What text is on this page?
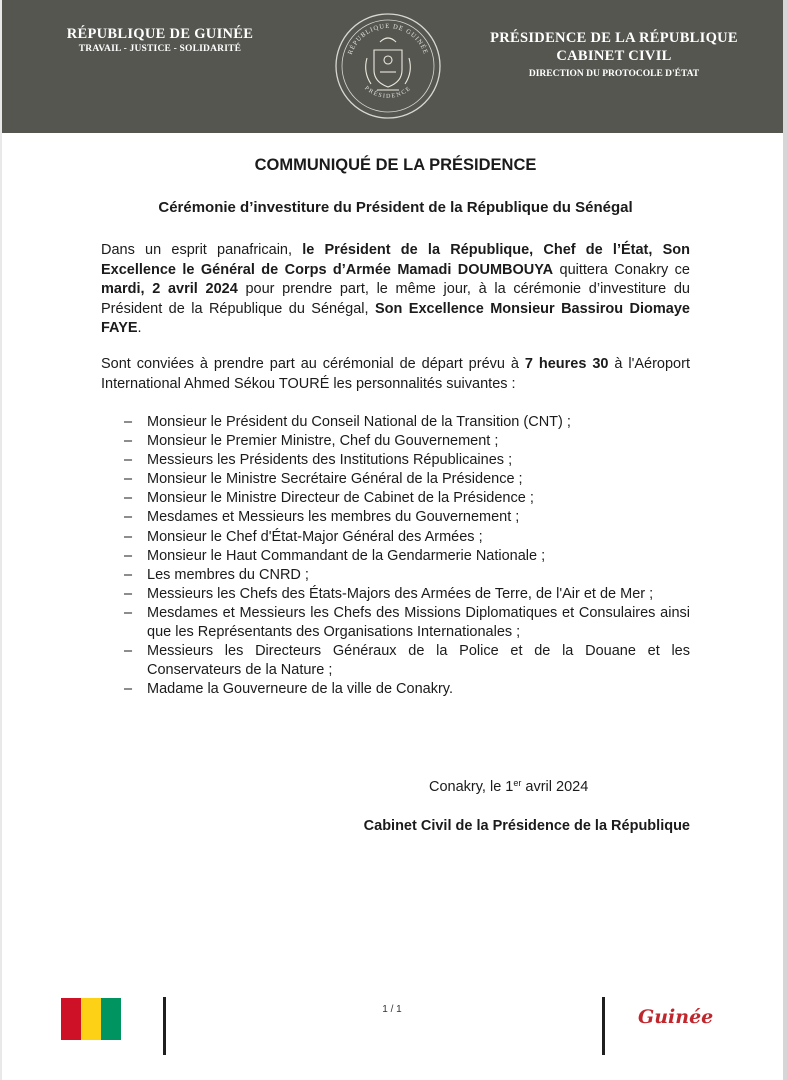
RÉPUBLIQUE DE GUINÉE
TRAVAIL - JUSTICE - SOLIDARITÉ	RÉPUBLIQUE DE GUINÉE
PRÉSIDENCE
PRÉSIDENCE DE LA RÉPUBLIQUE
CABINET CIVIL
DIRECTION DU PROTOCOLE D'ÉTAT
COMMUNIQUÉ DE LA PRÉSIDENCE
Cérémonie d’investiture du Président de la République du Sénégal
Dans un esprit panafricain, le Président de la République, Chef de l’État, Son Excellence le Général de Corps d’Armée Mamadi DOUMBOUYA quittera Conakry ce mardi, 2 avril 2024 pour prendre part, le même jour, à la cérémonie d’investiture du Président de la République du Sénégal, Son Excellence Monsieur Bassirou Diomaye FAYE.
Sont conviées à prendre part au cérémonial de départ prévu à 7 heures 30 à l'Aéroport International Ahmed Sékou TOURÉ les personnalités suivantes :
– Monsieur le Président du Conseil National de la Transition (CNT) ;
– Monsieur le Premier Ministre, Chef du Gouvernement ;
– Messieurs les Présidents des Institutions Républicaines ;
– Monsieur le Ministre Secrétaire Général de la Présidence ;
– Monsieur le Ministre Directeur de Cabinet de la Présidence ;
– Mesdames et Messieurs les membres du Gouvernement ;
– Monsieur le Chef d'État-Major Général des Armées ;
– Monsieur le Haut Commandant de la Gendarmerie Nationale ;
– Les membres du CNRD ;
– Messieurs les Chefs des États-Majors des Armées de Terre, de l'Air et de Mer ;
– Mesdames et Messieurs les Chefs des Missions Diplomatiques et Consulaires ainsi que les Représentants des Organisations Internationales ;
– Messieurs les Directeurs Généraux de la Police et de la Douane et les Conservateurs de la Nature ;
– Madame la Gouverneure de la ville de Conakry.
Conakry, le 1er avril 2024
Cabinet Civil de la Présidence de la République
1 / 1	Guinée
